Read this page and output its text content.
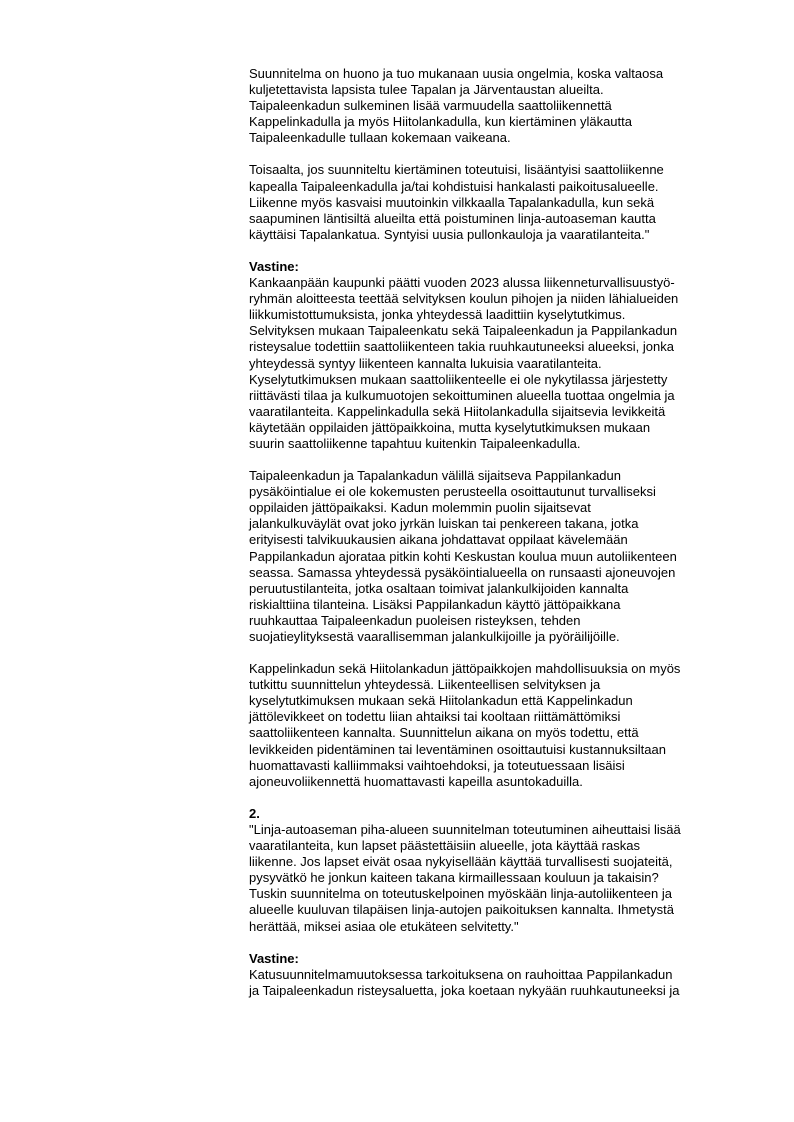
Suunnitelma on huono ja tuo mukanaan uusia ongelmia, koska valtaosa
kuljetettavista lapsista tulee Tapalan ja Järventaustan alueilta.
Taipaleenkadun sulkeminen lisää varmuudella saattoliikennettä
Kappelinkadulla ja myös Hiitolankadulla, kun kiertäminen yläkautta
Taipaleenkadulle tullaan kokemaan vaikeana.
Toisaalta, jos suunniteltu kiertäminen toteutuisi, lisääntyisi saattoliikenne
kapealla Taipaleenkadulla ja/tai kohdistuisi hankalasti paikoitusalueelle.
Liikenne myös kasvaisi muutoinkin vilkkaalla Tapalankadulla, kun sekä
saapuminen läntisiltä alueilta että poistuminen linja-autoaseman kautta
käyttäisi Tapalankatua. Syntyisi uusia pullonkauloja ja vaaratilanteita."
Vastine:
Kankaanpään kaupunki päätti vuoden 2023 alussa liikenneturvallisuustyö-
ryhmän aloitteesta teettää selvityksen koulun pihojen ja niiden lähialueiden
liikkumistottumuksista, jonka yhteydessä laadittiin kyselytutkimus.
Selvityksen mukaan Taipaleenkatu sekä Taipaleenkadun ja Pappilankadun
risteysalue todettiin saattoliikenteen takia ruuhkautuneeksi alueeksi, jonka
yhteydessä syntyy liikenteen kannalta lukuisia vaaratilanteita.
Kyselytutkimuksen mukaan saattoliikenteelle ei ole nykytilassa järjestetty
riittävästi tilaa ja kulkumuotojen sekoittuminen alueella tuottaa ongelmia ja
vaaratilanteita. Kappelinkadulla sekä Hiitolankadulla sijaitsevia levikkeitä
käytetään oppilaiden jättöpaikkoina, mutta kyselytutkimuksen mukaan
suurin saattoliikenne tapahtuu kuitenkin Taipaleenkadulla.
Taipaleenkadun ja Tapalankadun välillä sijaitseva Pappilankadun
pysäköintialue ei ole kokemusten perusteella osoittautunut turvalliseksi
oppilaiden jättöpaikaksi. Kadun molemmin puolin sijaitsevat
jalankulkuväylät ovat joko jyrkän luiskan tai penkereen takana, jotka
erityisesti talvikuukausien aikana johdattavat oppilaat kävelemään
Pappilankadun ajorataa pitkin kohti Keskustan koulua muun autoliikenteen
seassa. Samassa yhteydessä pysäköintialueella on runsaasti ajoneuvojen
peruutustilanteita, jotka osaltaan toimivat jalankulkijoiden kannalta
riskialttiina tilanteina. Lisäksi Pappilankadun käyttö jättöpaikkana
ruuhkauttaa Taipaleenkadun puoleisen risteyksen, tehden
suojatieylityksestä vaarallisemman jalankulkijoille ja pyöräilijöille.
Kappelinkadun sekä Hiitolankadun jättöpaikkojen mahdollisuuksia on myös
tutkittu suunnittelun yhteydessä. Liikenteellisen selvityksen ja
kyselytutkimuksen mukaan sekä Hiitolankadun että Kappelinkadun
jättölevikkeet on todettu liian ahtaiksi tai kooltaan riittämättömiksi
saattoliikenteen kannalta. Suunnittelun aikana on myös todettu, että
levikkeiden pidentäminen tai leventäminen osoittautuisi kustannuksiltaan
huomattavasti kalliimmaksi vaihtoehdoksi, ja toteutuessaan lisäisi
ajoneuvoliikennettä huomattavasti kapeilla asuntokaduilla.
2.
"Linja-autoaseman piha-alueen suunnitelman toteutuminen aiheuttaisi lisää
vaaratilanteita, kun lapset päästettäisiin alueelle, jota käyttää raskas
liikenne. Jos lapset eivät osaa nykyisellään käyttää turvallisesti suojateitä,
pysyvätkö he jonkun kaiteen takana kirmaillessaan kouluun ja takaisin?
Tuskin suunnitelma on toteutuskelpoinen myöskään linja-autoliikenteen ja
alueelle kuuluvan tilapäisen linja-autojen paikoituksen kannalta. Ihmetystä
herättää, miksei asiaa ole etukäteen selvitetty."
Vastine:
Katusuunnitelmamuutoksessa tarkoituksena on rauhoittaa Pappilankadun
ja Taipaleenkadun risteysaluetta, joka koetaan nykyään ruuhkautuneeksi ja
